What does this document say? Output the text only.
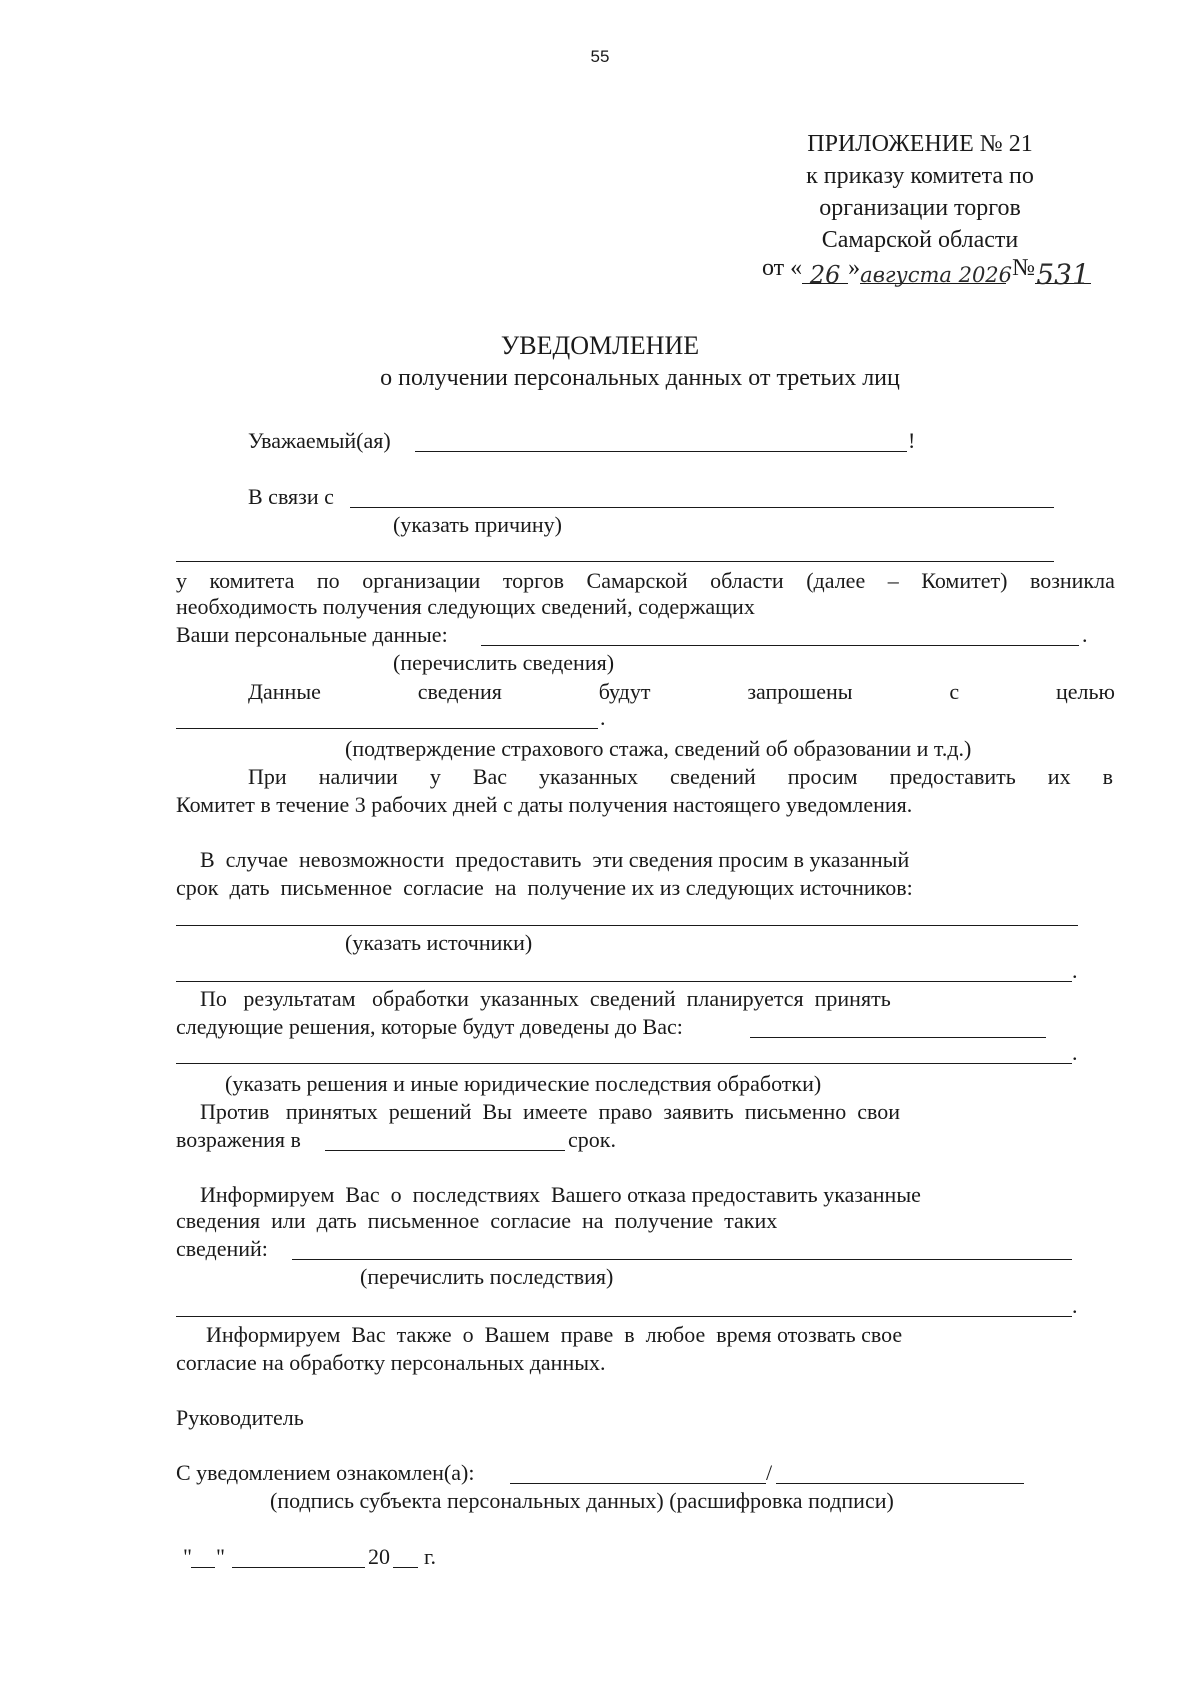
55
ПРИЛОЖЕНИЕ № 21
к приказу комитета по
организации торгов
Самарской области
от « 26 »августа 2026№531
УВЕДОМЛЕНИЕ
о получении персональных данных от третьих лиц
Уважаемый(ая)	!
В связи с
(указать причину)
у комитета по организации торгов Самарской области (далее – Комитет) возникла
необходимость получения следующих сведений, содержащих
Ваши персональные данные:	.
(перечислить сведения)
Данные	сведения	будут	запрошены	с	целью
.
(подтверждение страхового стажа, сведений об образовании и т.д.)
При наличии у Вас указанных сведений просим предоставить их в
Комитет в течение 3 рабочих дней с даты получения настоящего уведомления.
В  случае  невозможности  предоставить  эти сведения просим в указанный
срок  дать  письменное  согласие  на  получение их из следующих источников:
(указать источники)
.
По   результатам   обработки  указанных  сведений  планируется  принять
следующие решения, которые будут доведены до Вас:
.
(указать решения и иные юридические последствия обработки)
Против   принятых  решений  Вы  имеете  право  заявить  письменно  свои
возражения в	срок.
Информируем  Вас  о  последствиях  Вашего отказа предоставить указанные
сведения  или  дать  письменное  согласие  на  получение  таких
сведений:
(перечислить последствия)
.
Информируем  Вас  также  о  Вашем  праве  в  любое  время отозвать свое
согласие на обработку персональных данных.
Руководитель
С уведомлением ознакомлен(а):	/
(подпись субъекта персональных данных) (расшифровка подписи)
" "	20 г.
